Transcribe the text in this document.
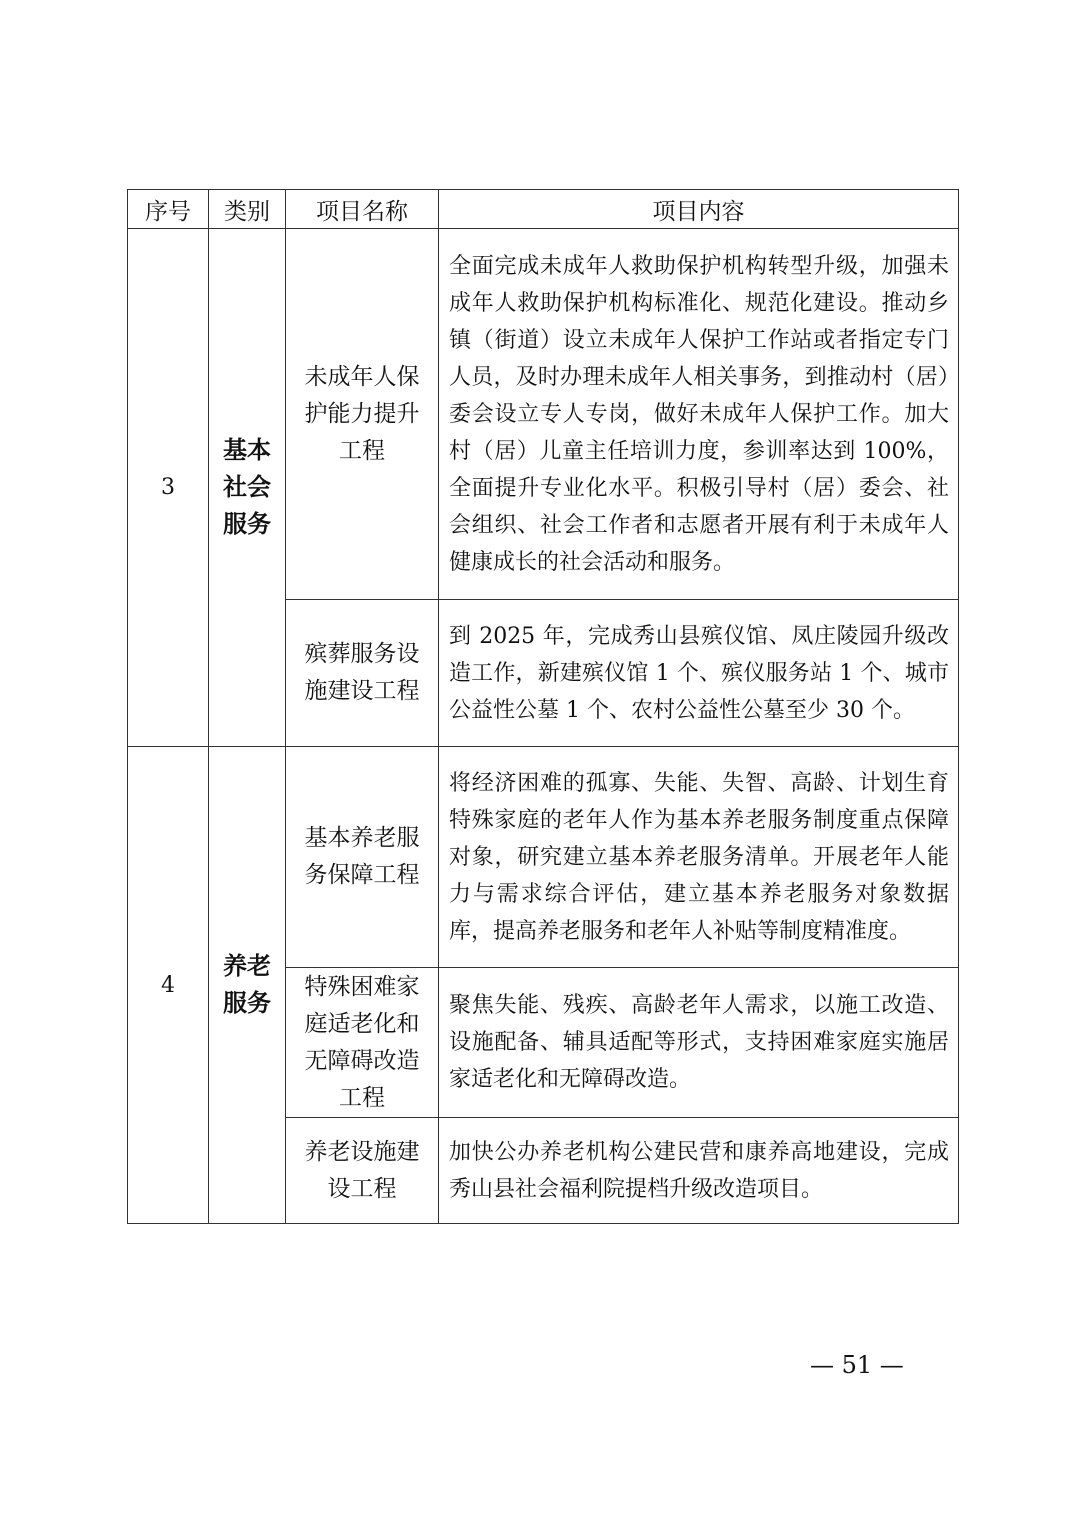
序号	类别	项目名称	项目内容
3	基本社会服务	未成年人保护能力提升工程	全面完成未成年人救助保护机构转型升级，加强未成年人救助保护机构标准化、规范化建设。推动乡镇（街道）设立未成年人保护工作站或者指定专门人员，及时办理未成年人相关事务，到推动村（居）委会设立专人专岗，做好未成年人保护工作。加大村（居）儿童主任培训力度，参训率达到 100%，全面提升专业化水平。积极引导村（居）委会、社会组织、社会工作者和志愿者开展有利于未成年人健康成长的社会活动和服务。
		殡葬服务设施建设工程	到 2025 年，完成秀山县殡仪馆、凤庄陵园升级改造工作，新建殡仪馆 1 个、殡仪服务站 1 个、城市公益性公墓 1 个、农村公益性公墓至少 30 个。
4	养老服务	基本养老服务保障工程	将经济困难的孤寡、失能、失智、高龄、计划生育特殊家庭的老年人作为基本养老服务制度重点保障对象，研究建立基本养老服务清单。开展老年人能力与需求综合评估，建立基本养老服务对象数据库，提高养老服务和老年人补贴等制度精准度。
		特殊困难家庭适老化和无障碍改造工程	聚焦失能、残疾、高龄老年人需求，以施工改造、设施配备、辅具适配等形式，支持困难家庭实施居家适老化和无障碍改造。
		养老设施建设工程	加快公办养老机构公建民营和康养高地建设，完成秀山县社会福利院提档升级改造项目。
— 51 —
